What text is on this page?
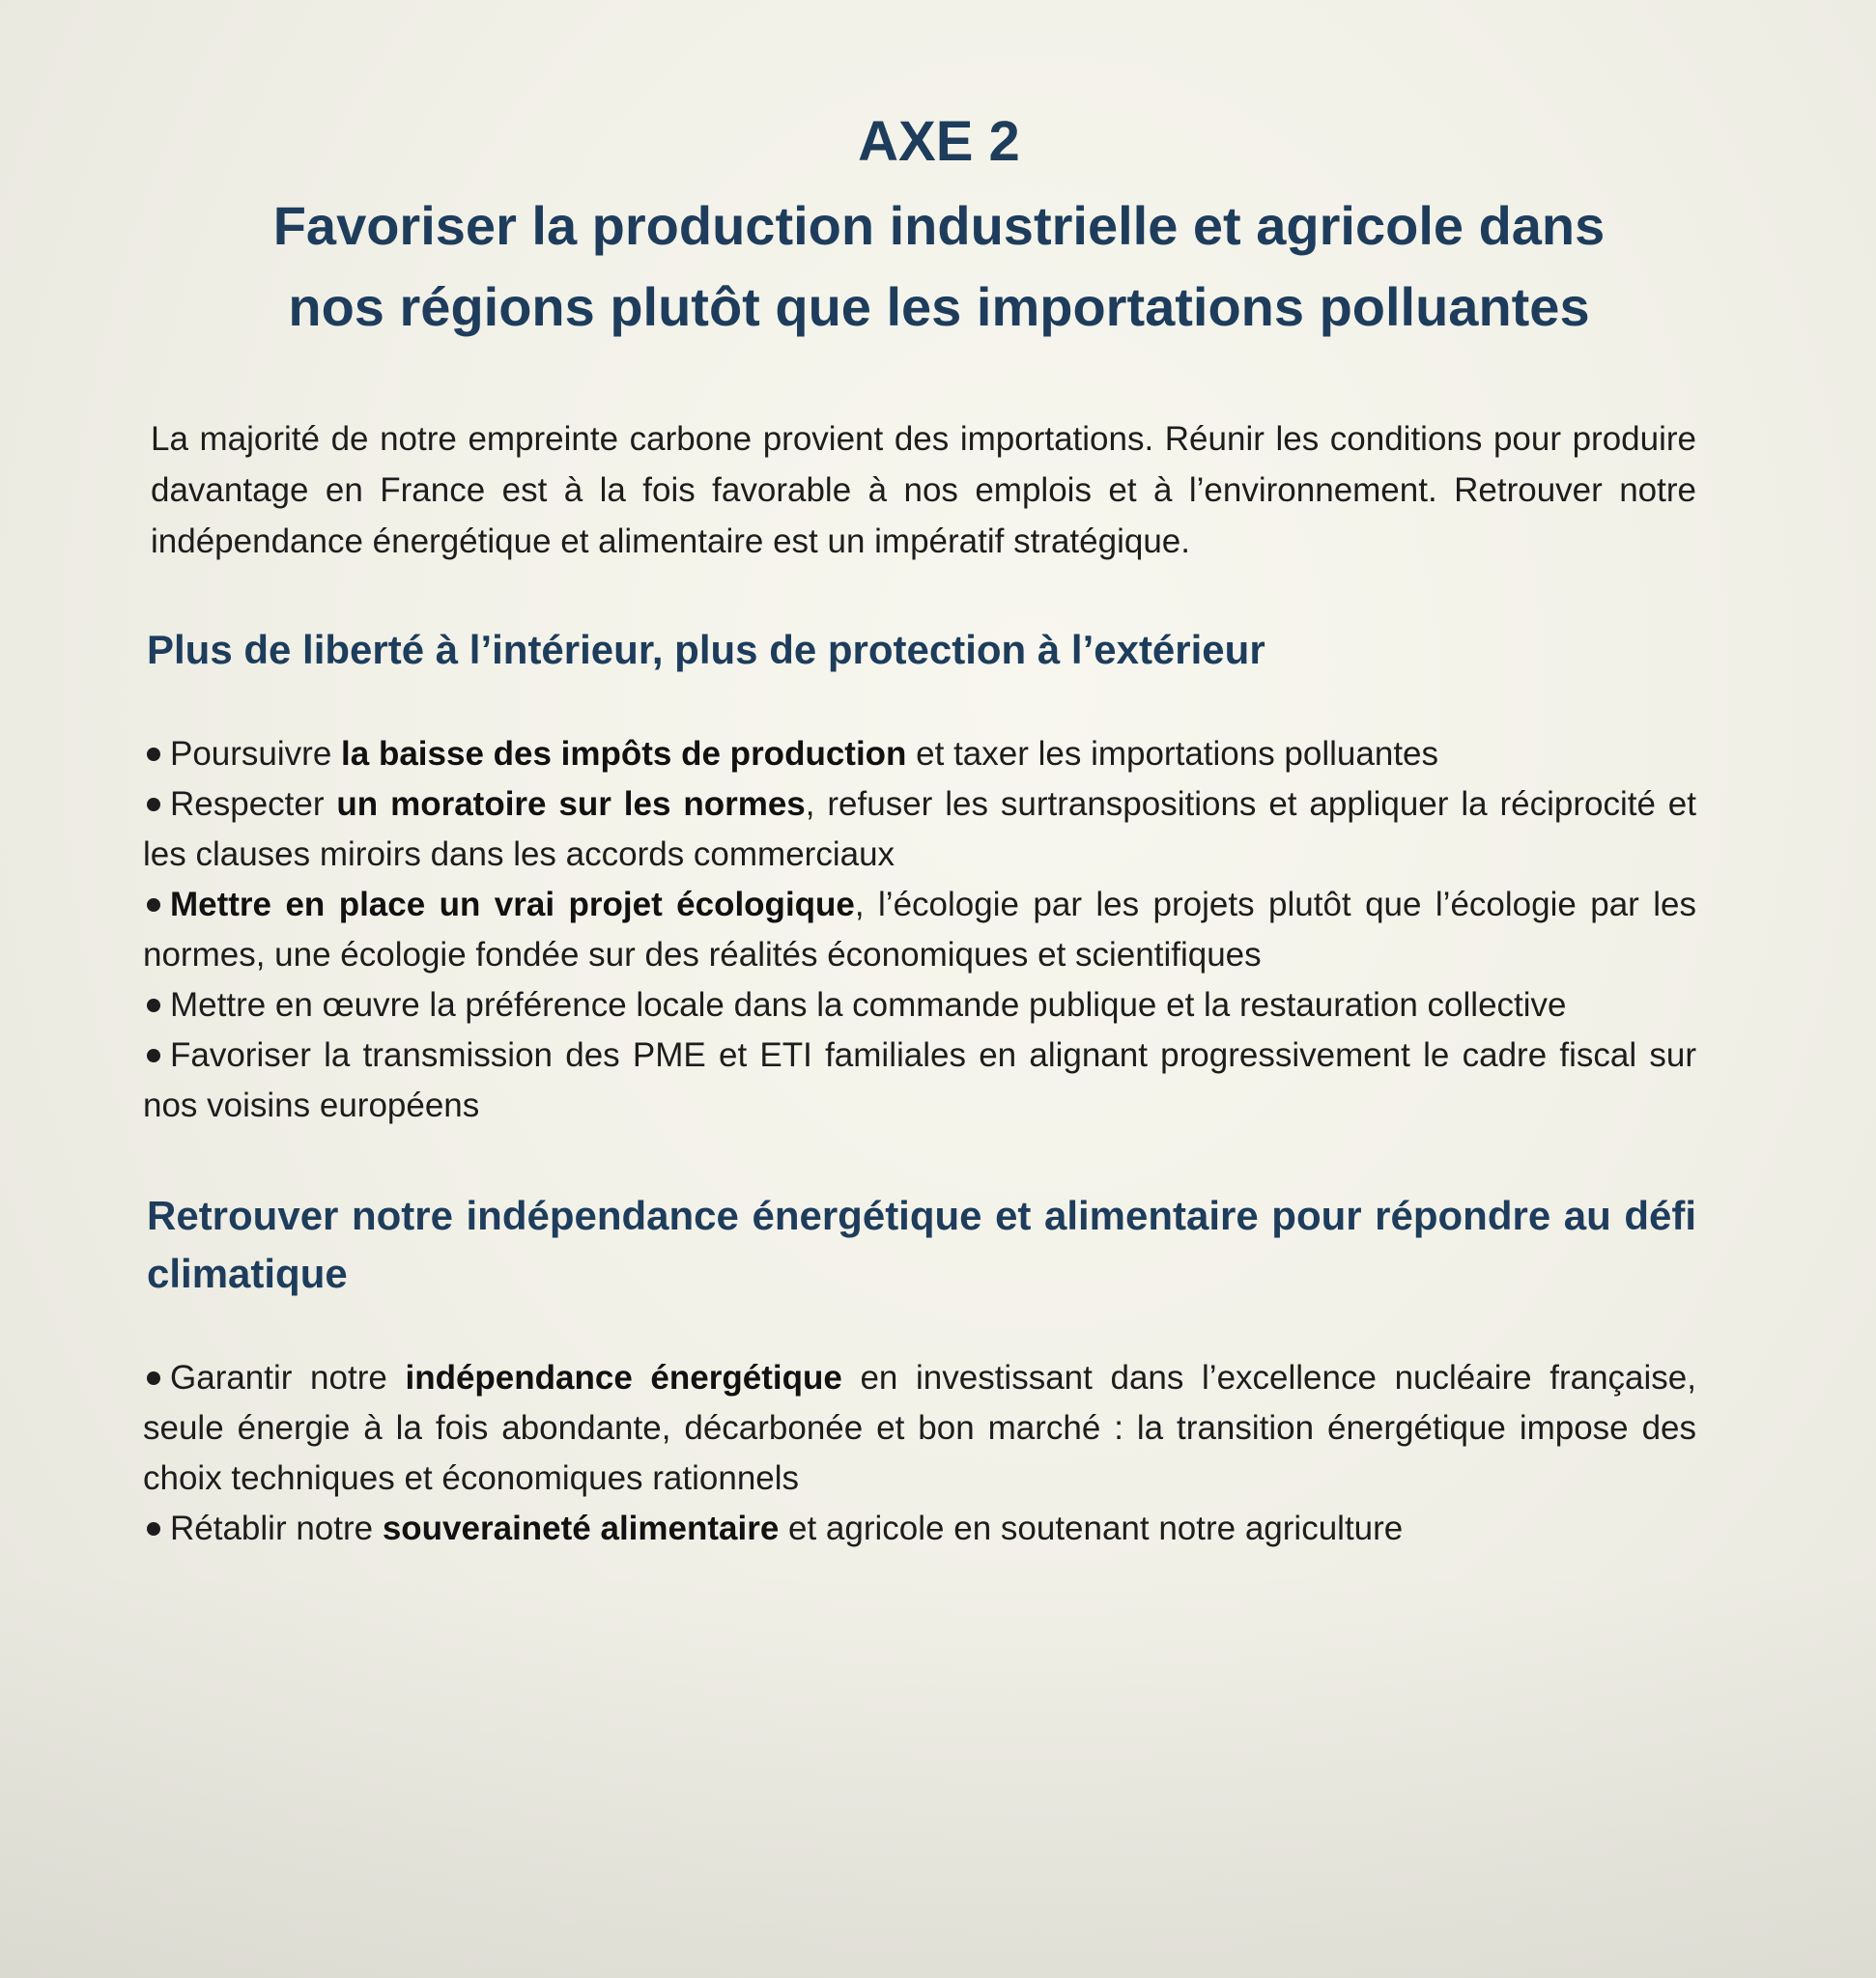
AXE 2
Favoriser la production industrielle et agricole dans
nos régions plutôt que les importations polluantes

La majorité de notre empreinte carbone provient des importations. Réunir les conditions pour produire davantage en France est à la fois favorable à nos emplois et à l’environnement. Retrouver notre indépendance énergétique et alimentaire est un impératif stratégique.

Plus de liberté à l’intérieur, plus de protection à l’extérieur
Poursuivre la baisse des impôts de production et taxer les importations polluantes
Respecter un moratoire sur les normes, refuser les surtranspositions et appliquer la réciprocité et les clauses miroirs dans les accords commerciaux
Mettre en place un vrai projet écologique, l’écologie par les projets plutôt que l’écologie par les normes, une écologie fondée sur des réalités économiques et scientifiques
Mettre en œuvre la préférence locale dans la commande publique et la restauration collective
Favoriser la transmission des PME et ETI familiales en alignant progressivement le cadre fiscal sur nos voisins européens
Retrouver notre indépendance énergétique et alimentaire pour répondre au défi climatique
Garantir notre indépendance énergétique en investissant dans l’excellence nucléaire française, seule énergie à la fois abondante, décarbonée et bon marché : la transition énergétique impose des choix techniques et économiques rationnels
Rétablir notre souveraineté alimentaire et agricole en soutenant notre agriculture
